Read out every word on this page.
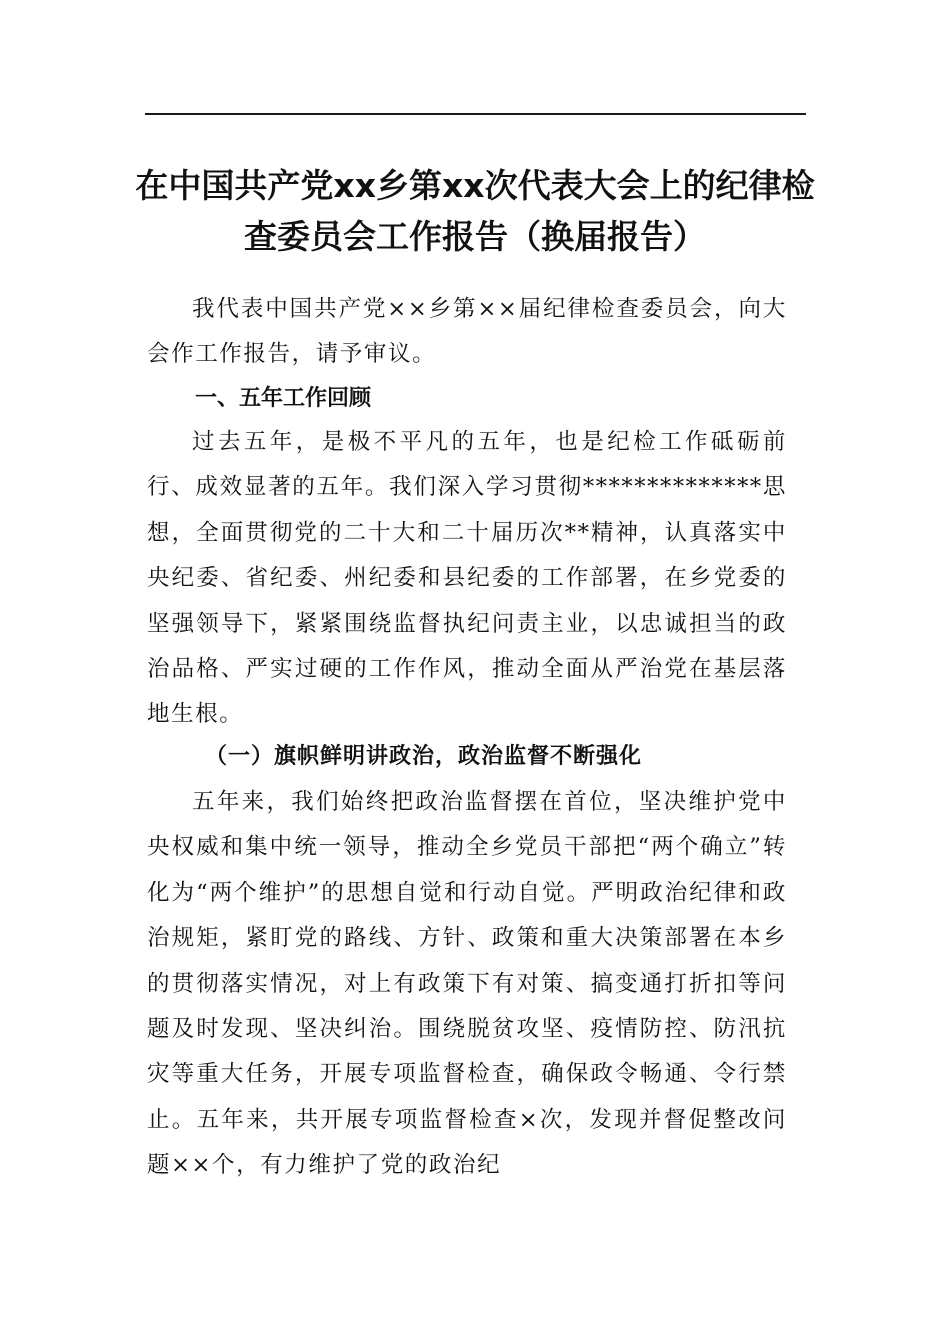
在中国共产党xx乡第xx次代表大会上的纪律检查委员会工作报告（换届报告）

我代表中国共产党××乡第××届纪律检查委员会，向大会作工作报告，请予审议。

一、五年工作回顾

过去五年，是极不平凡的五年，也是纪检工作砥砺前行、成效显著的五年。我们深入学习贯彻**************思想，全面贯彻党的二十大和二十届历次**精神，认真落实中央纪委、省纪委、州纪委和县纪委的工作部署，在乡党委的坚强领导下，紧紧围绕监督执纪问责主业，以忠诚担当的政治品格、严实过硬的工作作风，推动全面从严治党在基层落地生根。

（一）旗帜鲜明讲政治，政治监督不断强化

五年来，我们始终把政治监督摆在首位，坚决维护党中央权威和集中统一领导，推动全乡党员干部把“两个确立”转化为“两个维护”的思想自觉和行动自觉。严明政治纪律和政治规矩，紧盯党的路线、方针、政策和重大决策部署在本乡的贯彻落实情况，对上有政策下有对策、搞变通打折扣等问题及时发现、坚决纠治。围绕脱贫攻坚、疫情防控、防汛抗灾等重大任务，开展专项监督检查，确保政令畅通、令行禁止。五年来，共开展专项监督检查×次，发现并督促整改问题××个，有力维护了党的政治纪
